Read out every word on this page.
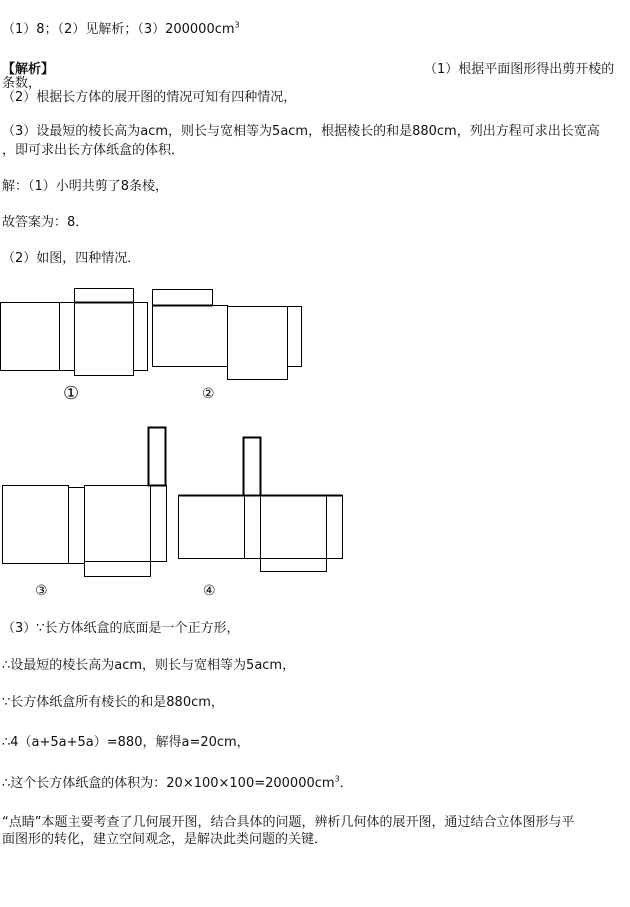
（1）8；（2）见解析；$(3)200000cm^3$
【解析】	（1）根据平面图形得出剪开棱的
条数，
（2）根据长方体的展开图的情况可知有四种情况，
（3）设最短的棱长高为acm，则长与宽相等为5acm，根据棱长的和是880cm，列出方程可求出长宽高
，即可求出长方体纸盒的体积．
解：（1）小明共剪了8条棱，
故答案为：8．
（2）如图，四种情况．
①	②
③	④
（3）∵长方体纸盒的底面是一个正方形，
∴设最短的棱长高为acm，则长与宽相等为5acm，
∵长方体纸盒所有棱长的和是880cm，
∴4（a+5a+5a）=880，解得a=20cm，
∴这个长方体纸盒的体积为：$20\times 100\times 100=200000cm^3$．
“点睛”本题主要考查了几何展开图，结合具体的问题，辨析几何体的展开图，通过结合立体图形与平
面图形的转化，建立空间观念，是解决此类问题的关键．
